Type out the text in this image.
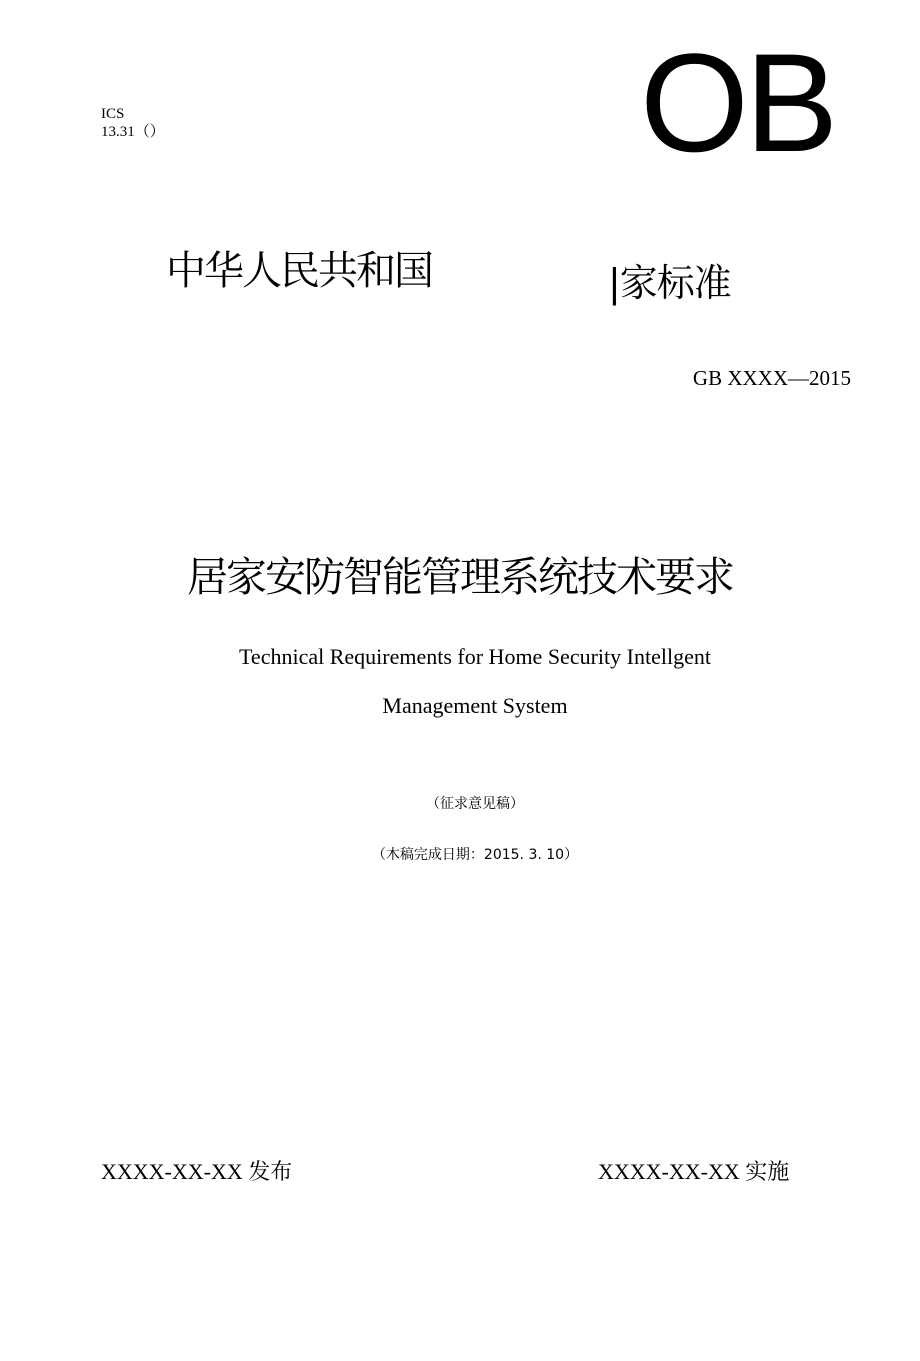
ICS
13.31（）	OB
中华人民共和国	|家标准
GB XXXX—2015
居家安防智能管理系统技术要求
Technical Requirements for Home Security Intellgent
Management System
（征求意见稿）
（木稿完成日期：2015. 3. 10）
XXXX-XX-XX 发布	XXXX-XX-XX 实施
